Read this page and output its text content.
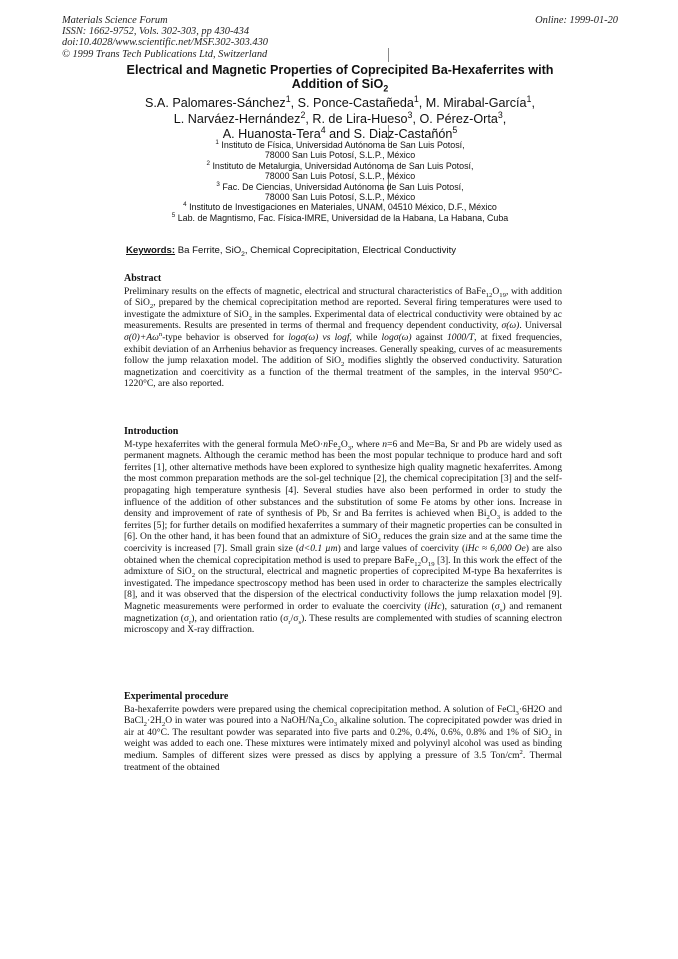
Materials Science Forum
ISSN: 1662-9752, Vols. 302-303, pp 430-434
doi:10.4028/www.scientific.net/MSF.302-303.430
© 1999 Trans Tech Publications Ltd, Switzerland
Online: 1999-01-20
Electrical and Magnetic Properties of Coprecipited Ba-Hexaferrites with
Addition of SiO$_2$
S.A. Palomares-Sánchez$^1$, S. Ponce-Castañeda$^1$, M. Mirabal-García$^1$,
L. Narváez-Hernández$^2$, R. de Lira-Hueso$^3$, O. Pérez-Orta$^3$,
A. Huanosta-Tera$^4$ and S. Diaz-Castañón$^5$
$^1$ Instituto de Física, Universidad Autónoma de San Luis Potosí,
78000 San Luis Potosí, S.L.P., México
$^2$ Instituto de Metalurgia, Universidad Autónoma de San Luis Potosí,
78000 San Luis Potosí, S.L.P., México
$^3$ Fac. De Ciencias, Universidad Autónoma de San Luis Potosí,
78000 San Luis Potosí, S.L.P., México
$^4$ Instituto de Investigaciones en Materiales, UNAM, 04510 México, D.F., México
$^5$ Lab. de Magntismo, Fac. Física-IMRE, Universidad de la Habana, La Habana, Cuba
Keywords: Ba Ferrite, SiO$_2$, Chemical Coprecipitation, Electrical Conductivity
Abstract

Preliminary results on the effects of magnetic, electrical and structural characteristics of $BaFe_{12}O_{19}$, with addition of SiO$_2$, prepared by the chemical coprecipitation method are reported. Several firing temperatures were used to investigate the admixture of SiO$_2$ in the samples. Experimental data of electrical conductivity were obtained by ac measurements. Results are presented in terms of thermal and frequency dependent conductivity, σ(ω). Universal $\sigma(0)+A\omega^n$-type behavior is observed for logσ(ω) vs logf, while logσ(ω) against 1000/T, at fixed frequencies, exhibit deviation of an Arrhenius behavior as frequency increases. Generally speaking, curves of ac measurements follow the jump relaxation model. The addition of SiO$_2$ modifies slightly the observed conductivity. Saturation magnetization and coercitivity as a function of the thermal treatment of the samples, in the interval 950°C-1220°C, are also reported.

Introduction

M-type hexaferrites with the general formula $MeO\cdot nFe_2O_3$, where n=6 and Me=Ba, Sr and Pb are widely used as permanent magnets. Although the ceramic method has been the most popular technique to produce hard and soft ferrites [1], other alternative methods have been explored to synthesize high quality magnetic hexaferrites. Among the most common preparation methods are the sol-gel technique [2], the chemical coprecipitation [3] and the self-propagating high temperature synthesis [4]. Several studies have also been performed in order to study the influence of the addition of other substances and the substitution of some Fe atoms by other ions. Increase in density and improvement of rate of synthesis of Pb, Sr and Ba ferrites is achieved when $Bi_2O_3$ is added to the ferrites [5]; for further details on modified hexaferrites a summary of their magnetic properties can be consulted in [6]. On the other hand, it has been found that an admixture of SiO$_2$ reduces the grain size and at the same time the coercivity is increased [7]. Small grain size (d<0.1 µm) and large values of coercivity (iHc ≈ 6,000 Oe) are also obtained when the chemical coprecipitation method is used to prepare $BaFe_{12}O_{19}$ [3]. In this work the effect of the admixture of SiO$_2$ on the structural, electrical and magnetic properties of coprecipited M-type Ba hexaferrites is investigated. The impedance spectroscopy method has been used in order to characterize the samples electrically [8], and it was observed that the dispersion of the electrical conductivity follows the jump relaxation model [9]. Magnetic measurements were performed in order to evaluate the coercivity (iHc), saturation $(\sigma_s)$ and remanent magnetization $(\sigma_r)$, and orientation ratio $(\sigma_r/\sigma_s)$. These results are complemented with studies of scanning electron microscopy and X-ray diffraction.

Experimental procedure

Ba-hexaferrite powders were prepared using the chemical coprecipitation method. A solution of FeCl$_3$·6H2O and $BaCl_2\cdot 2H_2O$ in water was poured into a NaOH/$Na_2Co_3$ alkaline solution. The coprecipitated powder was dried in air at 40°C. The resultant powder was separated into five parts and 0.2%, 0.4%, 0.6%, 0.8% and 1% of SiO$_2$ in weight was added to each one. These mixtures were intimately mixed and polyvinyl alcohol was used as binding medium. Samples of different sizes were pressed as discs by applying a pressure of 3.5 Ton/$cm^2$. Thermal treatment of the obtained
